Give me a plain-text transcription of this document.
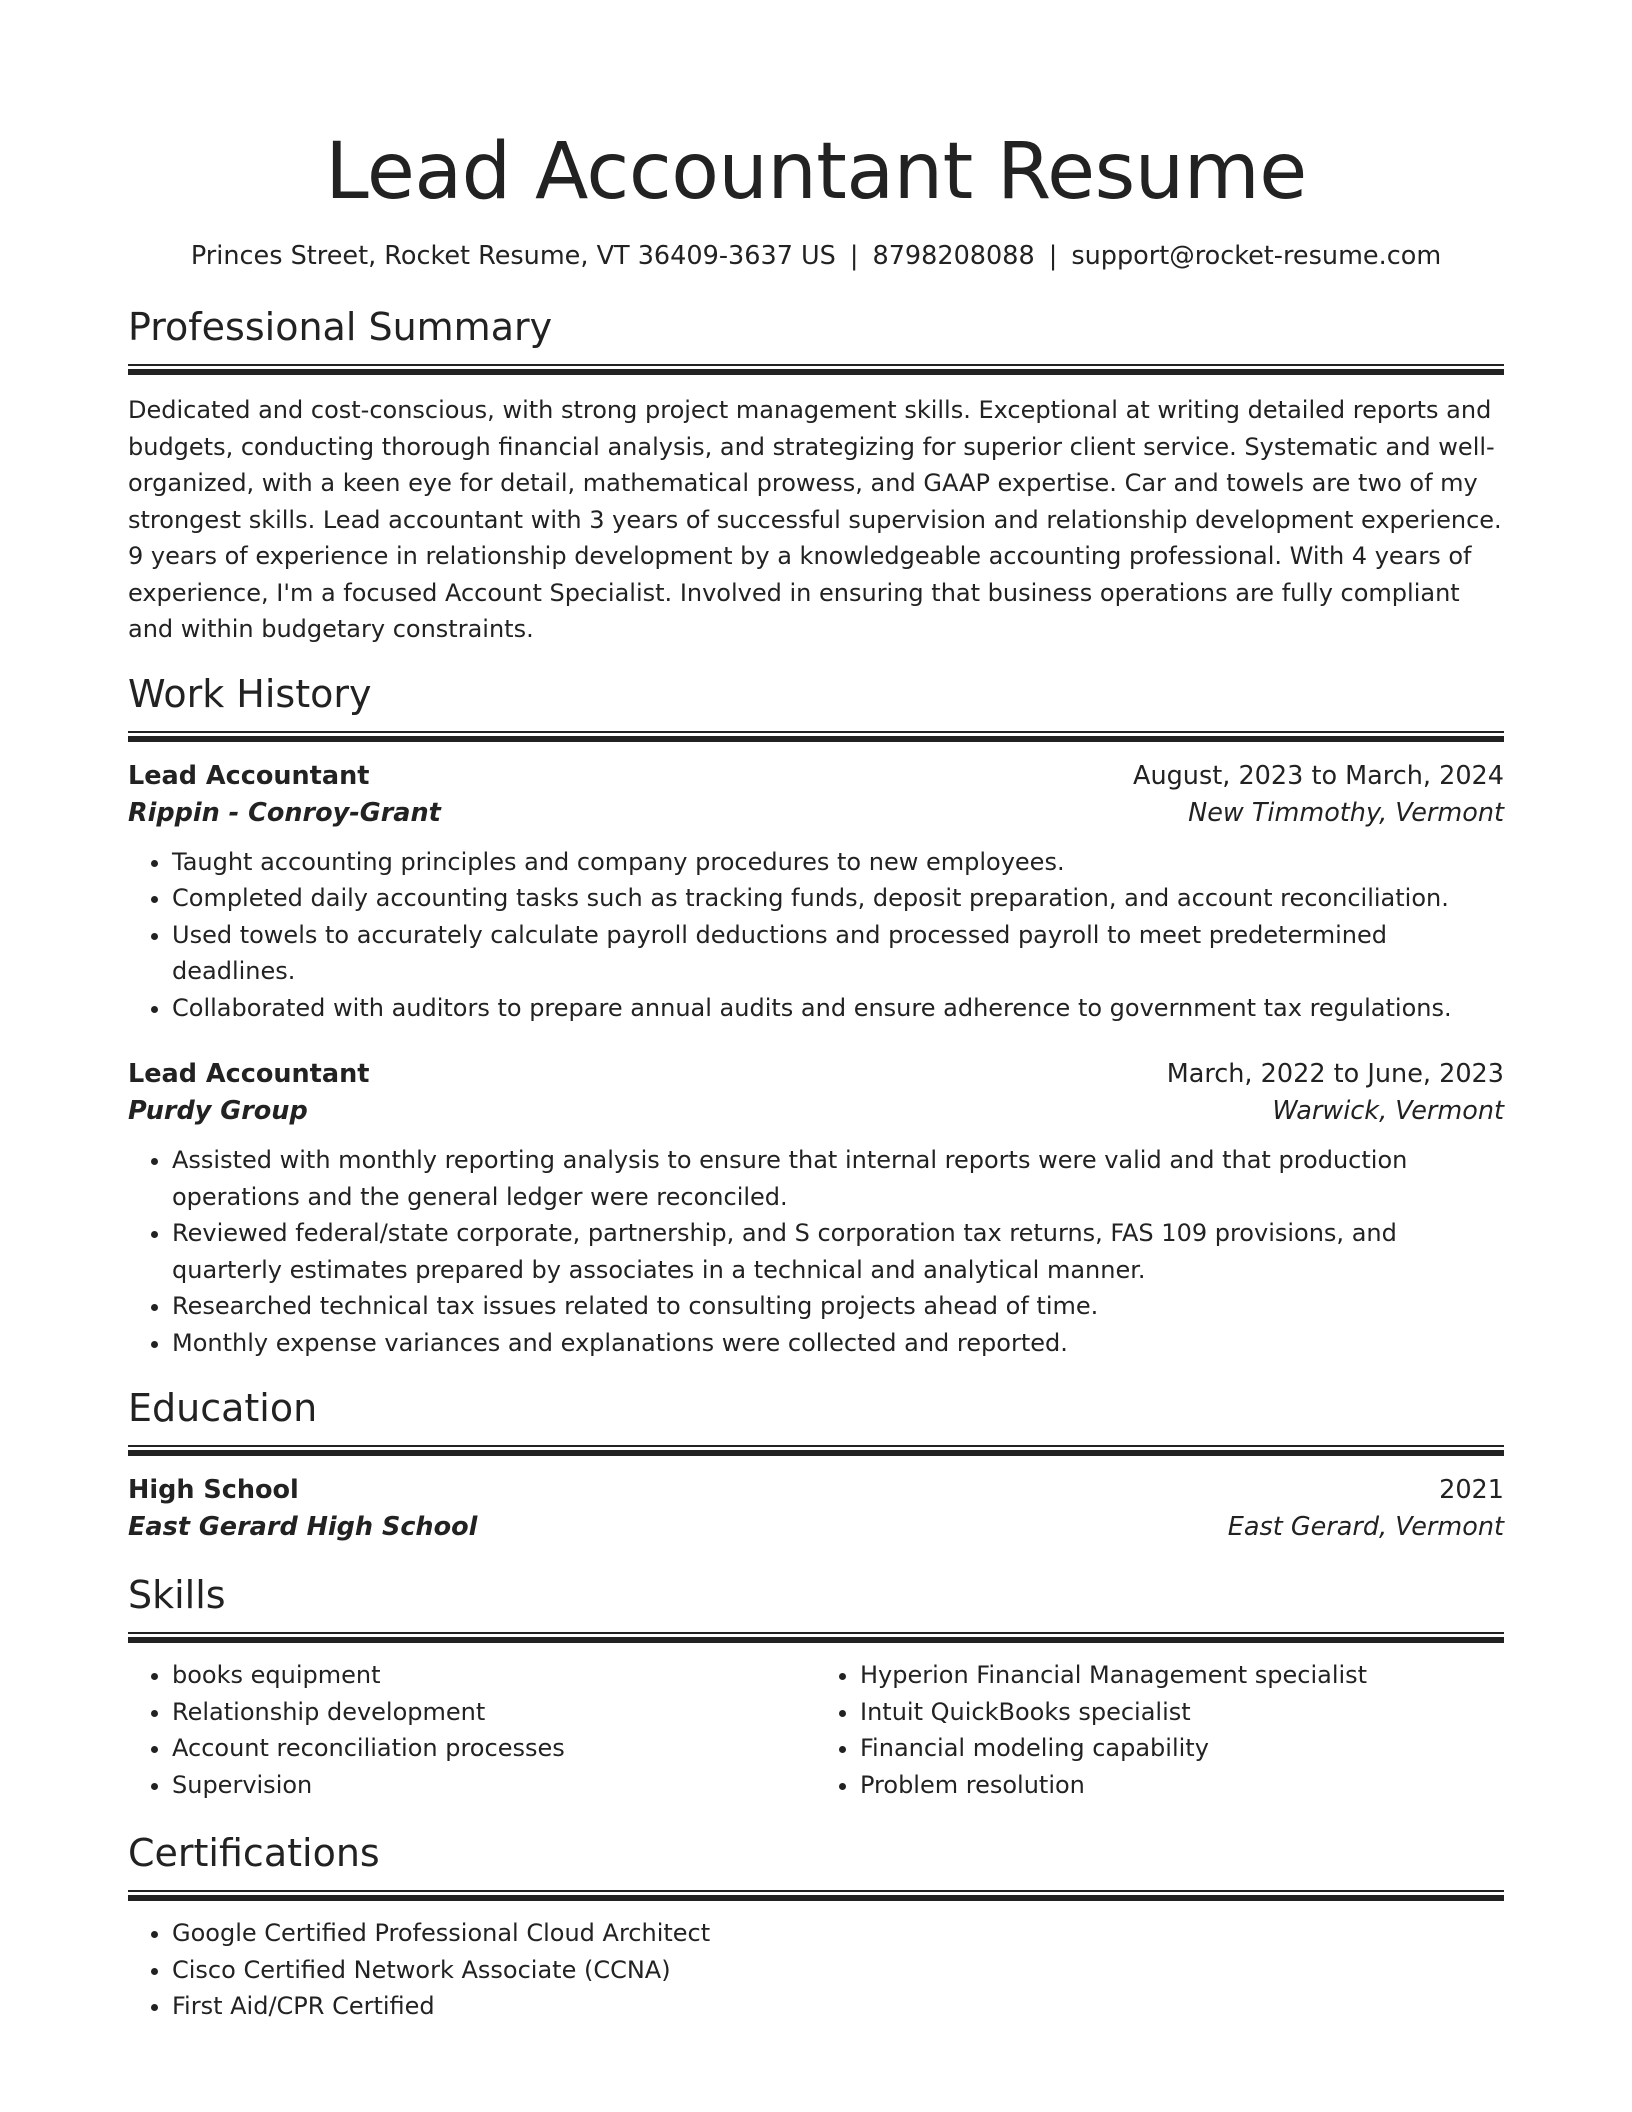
Lead Accountant Resume
Princes Street, Rocket Resume, VT 36409-3637 US | 8798208088 | support@rocket-resume.com
Professional Summary

Dedicated and cost-conscious, with strong project management skills. Exceptional at writing detailed reports and budgets, conducting thorough financial analysis, and strategizing for superior client service. Systematic and well-organized, with a keen eye for detail, mathematical prowess, and GAAP expertise. Car and towels are two of my strongest skills. Lead accountant with 3 years of successful supervision and relationship development experience. 9 years of experience in relationship development by a knowledgeable accounting professional. With 4 years of experience, I'm a focused Account Specialist. Involved in ensuring that business operations are fully compliant and within budgetary constraints.

Work History
Lead Accountant	August, 2023 to March, 2024
Rippin - Conroy-Grant	New Timmothy, Vermont
• Taught accounting principles and company procedures to new employees.
• Completed daily accounting tasks such as tracking funds, deposit preparation, and account reconciliation.
• Used towels to accurately calculate payroll deductions and processed payroll to meet predetermined deadlines.
• Collaborated with auditors to prepare annual audits and ensure adherence to government tax regulations.
Lead Accountant	March, 2022 to June, 2023
Purdy Group	Warwick, Vermont
• Assisted with monthly reporting analysis to ensure that internal reports were valid and that production operations and the general ledger were reconciled.
• Reviewed federal/state corporate, partnership, and S corporation tax returns, FAS 109 provisions, and quarterly estimates prepared by associates in a technical and analytical manner.
• Researched technical tax issues related to consulting projects ahead of time.
• Monthly expense variances and explanations were collected and reported.
Education
High School	2021
East Gerard High School	East Gerard, Vermont
Skills
• books equipment
• Relationship development
• Account reconciliation processes
• Supervision
• Hyperion Financial Management specialist
• Intuit QuickBooks specialist
• Financial modeling capability
• Problem resolution
Certifications
• Google Certified Professional Cloud Architect
• Cisco Certified Network Associate (CCNA)
• First Aid/CPR Certified
